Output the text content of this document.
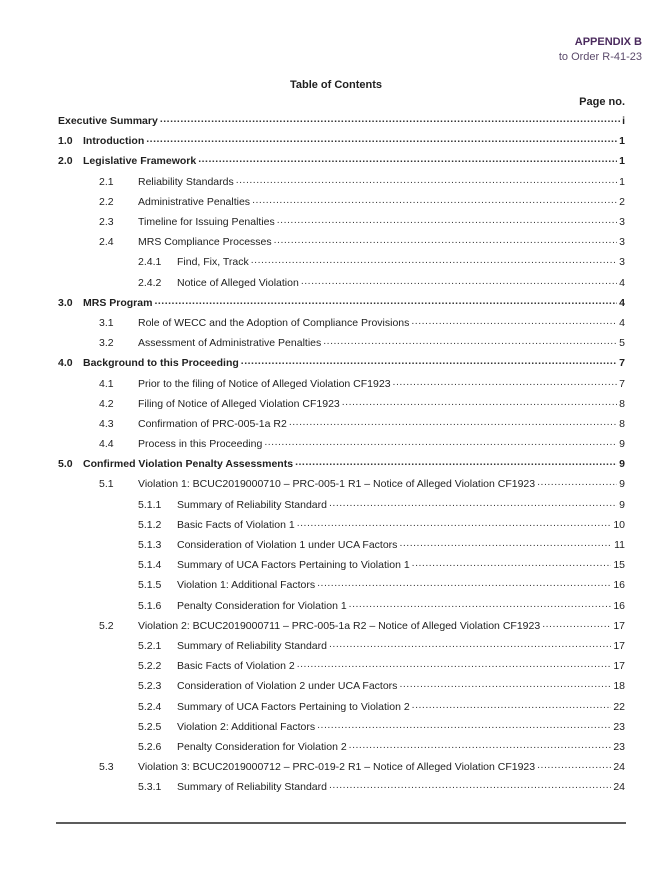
APPENDIX B
to Order R-41-23
Table of Contents
Page no.
Executive Summary .....	i
1.0 Introduction .....	1
2.0 Legislative Framework .....	1
2.1	Reliability Standards .....	1
2.2	Administrative Penalties .....	2
2.3	Timeline for Issuing Penalties .....	3
2.4	MRS Compliance Processes .....	3
2.4.1	Find, Fix, Track .....	3
2.4.2	Notice of Alleged Violation .....	4
3.0 MRS Program .....	4
3.1	Role of WECC and the Adoption of Compliance Provisions .....	4
3.2	Assessment of Administrative Penalties .....	5
4.0 Background to this Proceeding .....	7
4.1	Prior to the filing of Notice of Alleged Violation CF1923 .....	7
4.2	Filing of Notice of Alleged Violation CF1923 .....	8
4.3	Confirmation of PRC-005-1a R2 .....	8
4.4	Process in this Proceeding .....	9
5.0 Confirmed Violation Penalty Assessments .....	9
5.1	Violation 1: BCUC2019000710 – PRC-005-1 R1 – Notice of Alleged Violation CF1923 .....	9
5.1.1	Summary of Reliability Standard .....	9
5.1.2	Basic Facts of Violation 1 .....	10
5.1.3	Consideration of Violation 1 under UCA Factors .....	11
5.1.4	Summary of UCA Factors Pertaining to Violation 1 .....	15
5.1.5	Violation 1: Additional Factors .....	16
5.1.6	Penalty Consideration for Violation 1 .....	16
5.2	Violation 2: BCUC2019000711 – PRC-005-1a R2 – Notice of Alleged Violation CF1923 .....	17
5.2.1	Summary of Reliability Standard .....	17
5.2.2	Basic Facts of Violation 2 .....	17
5.2.3	Consideration of Violation 2 under UCA Factors .....	18
5.2.4	Summary of UCA Factors Pertaining to Violation 2 .....	22
5.2.5	Violation 2: Additional Factors .....	23
5.2.6	Penalty Consideration for Violation 2 .....	23
5.3	Violation 3: BCUC2019000712 – PRC-019-2 R1 – Notice of Alleged Violation CF1923 .....	24
5.3.1	Summary of Reliability Standard .....	24
